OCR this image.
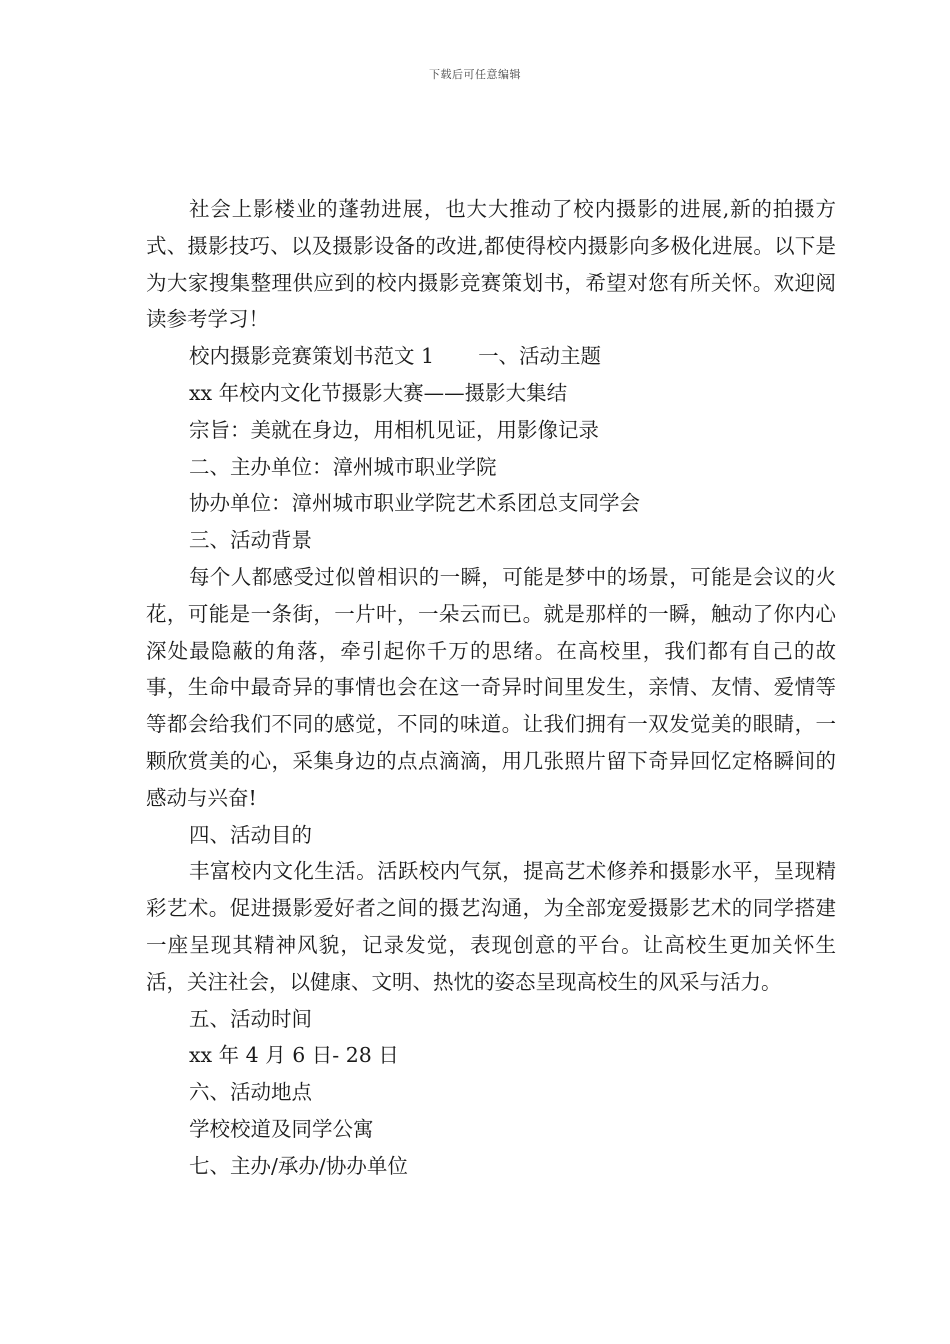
下载后可任意编辑

社会上影楼业的蓬勃进展，也大大推动了校内摄影的进展,新的拍摄方式、摄影技巧、以及摄影设备的改进,都使得校内摄影向多极化进展。以下是为大家搜集整理供应到的校内摄影竞赛策划书，希望对您有所关怀。欢迎阅读参考学习！

校内摄影竞赛策划书范文 1 一、活动主题

xx 年校内文化节摄影大赛——摄影大集结

宗旨：美就在身边，用相机见证，用影像记录

二、主办单位：漳州城市职业学院

协办单位：漳州城市职业学院艺术系团总支同学会

三、活动背景

每个人都感受过似曾相识的一瞬，可能是梦中的场景，可能是会议的火花，可能是一条街，一片叶，一朵云而已。就是那样的一瞬，触动了你内心深处最隐蔽的角落，牵引起你千万的思绪。在高校里，我们都有自己的故事，生命中最奇异的事情也会在这一奇异时间里发生，亲情、友情、爱情等等都会给我们不同的感觉，不同的味道。让我们拥有一双发觉美的眼睛，一颗欣赏美的心，采集身边的点点滴滴，用几张照片留下奇异回忆定格瞬间的感动与兴奋!

四、活动目的

丰富校内文化生活。活跃校内气氛，提高艺术修养和摄影水平，呈现精彩艺术。促进摄影爱好者之间的摄艺沟通，为全部宠爱摄影艺术的同学搭建一座呈现其精神风貌，记录发觉，表现创意的平台。让高校生更加关怀生活，关注社会，以健康、文明、热忱的姿态呈现高校生的风采与活力。

五、活动时间

xx 年 4 月 6 日- 28 日

六、活动地点

学校校道及同学公寓

七、主办/承办/协办单位
